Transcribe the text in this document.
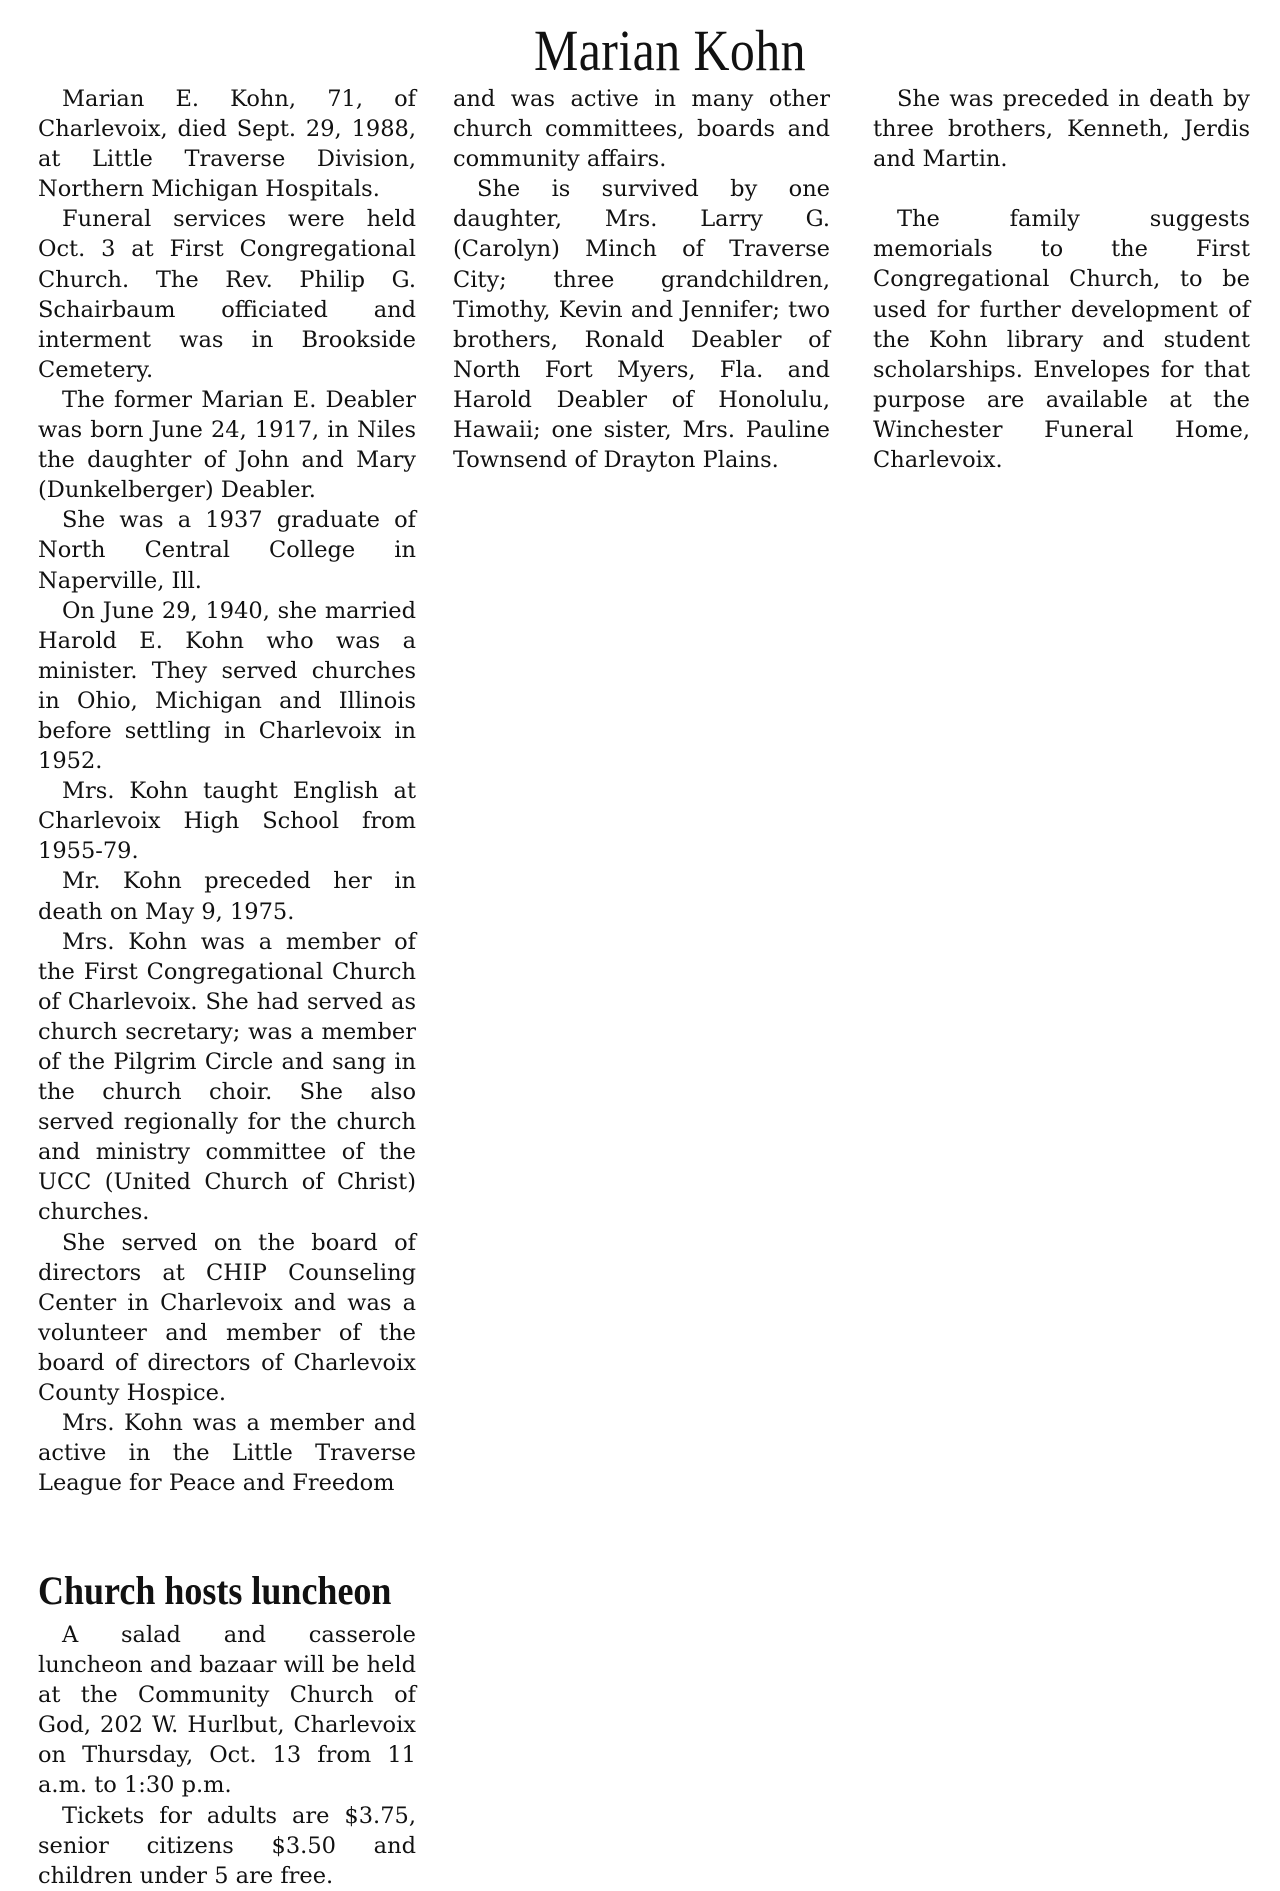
Marian Kohn

Marian E. Kohn, 71, of Charlevoix, died Sept. 29, 1988, at Little Traverse Division, Northern Michigan Hospitals.

Funeral services were held Oct. 3 at First Congregational Church. The Rev. Philip G. Schairbaum officiated and interment was in Brookside Cemetery.

The former Marian E. Deabler was born June 24, 1917, in Niles the daughter of John and Mary (Dunkelberger) Deabler.

She was a 1937 graduate of North Central College in Naperville, Ill.

On June 29, 1940, she married Harold E. Kohn who was a minister. They served churches in Ohio, Michigan and Illinois before settling in Charlevoix in 1952.

Mrs. Kohn taught English at Charlevoix High School from 1955-79.

Mr. Kohn preceded her in death on May 9, 1975.

Mrs. Kohn was a member of the First Congregational Church of Charlevoix. She had served as church secretary; was a member of the Pilgrim Circle and sang in the church choir. She also served regionally for the church and ministry committee of the UCC (United Church of Christ) churches.

She served on the board of directors at CHIP Counseling Center in Charlevoix and was a volunteer and member of the board of directors of Charlevoix County Hospice.

Mrs. Kohn was a member and active in the Little Traverse League for Peace and Freedom

and was active in many other church committees, boards and community affairs.

She is survived by one daughter, Mrs. Larry G. (Carolyn) Minch of Traverse City; three grandchildren, Timothy, Kevin and Jennifer; two brothers, Ronald Deabler of North Fort Myers, Fla. and Harold Deabler of Honolulu, Hawaii; one sister, Mrs. Pauline Townsend of Drayton Plains.

She was preceded in death by three brothers, Kenneth, Jerdis and Martin.

The family suggests memorials to the First Congregational Church, to be used for further development of the Kohn library and student scholarships. Envelopes for that purpose are available at the Winchester Funeral Home, Charlevoix.

Church hosts luncheon

A salad and casserole luncheon and bazaar will be held at the Community Church of God, 202 W. Hurlbut, Charlevoix on Thursday, Oct. 13 from 11 a.m. to 1:30 p.m.

Tickets for adults are $3.75, senior citizens $3.50 and children under 5 are free.
